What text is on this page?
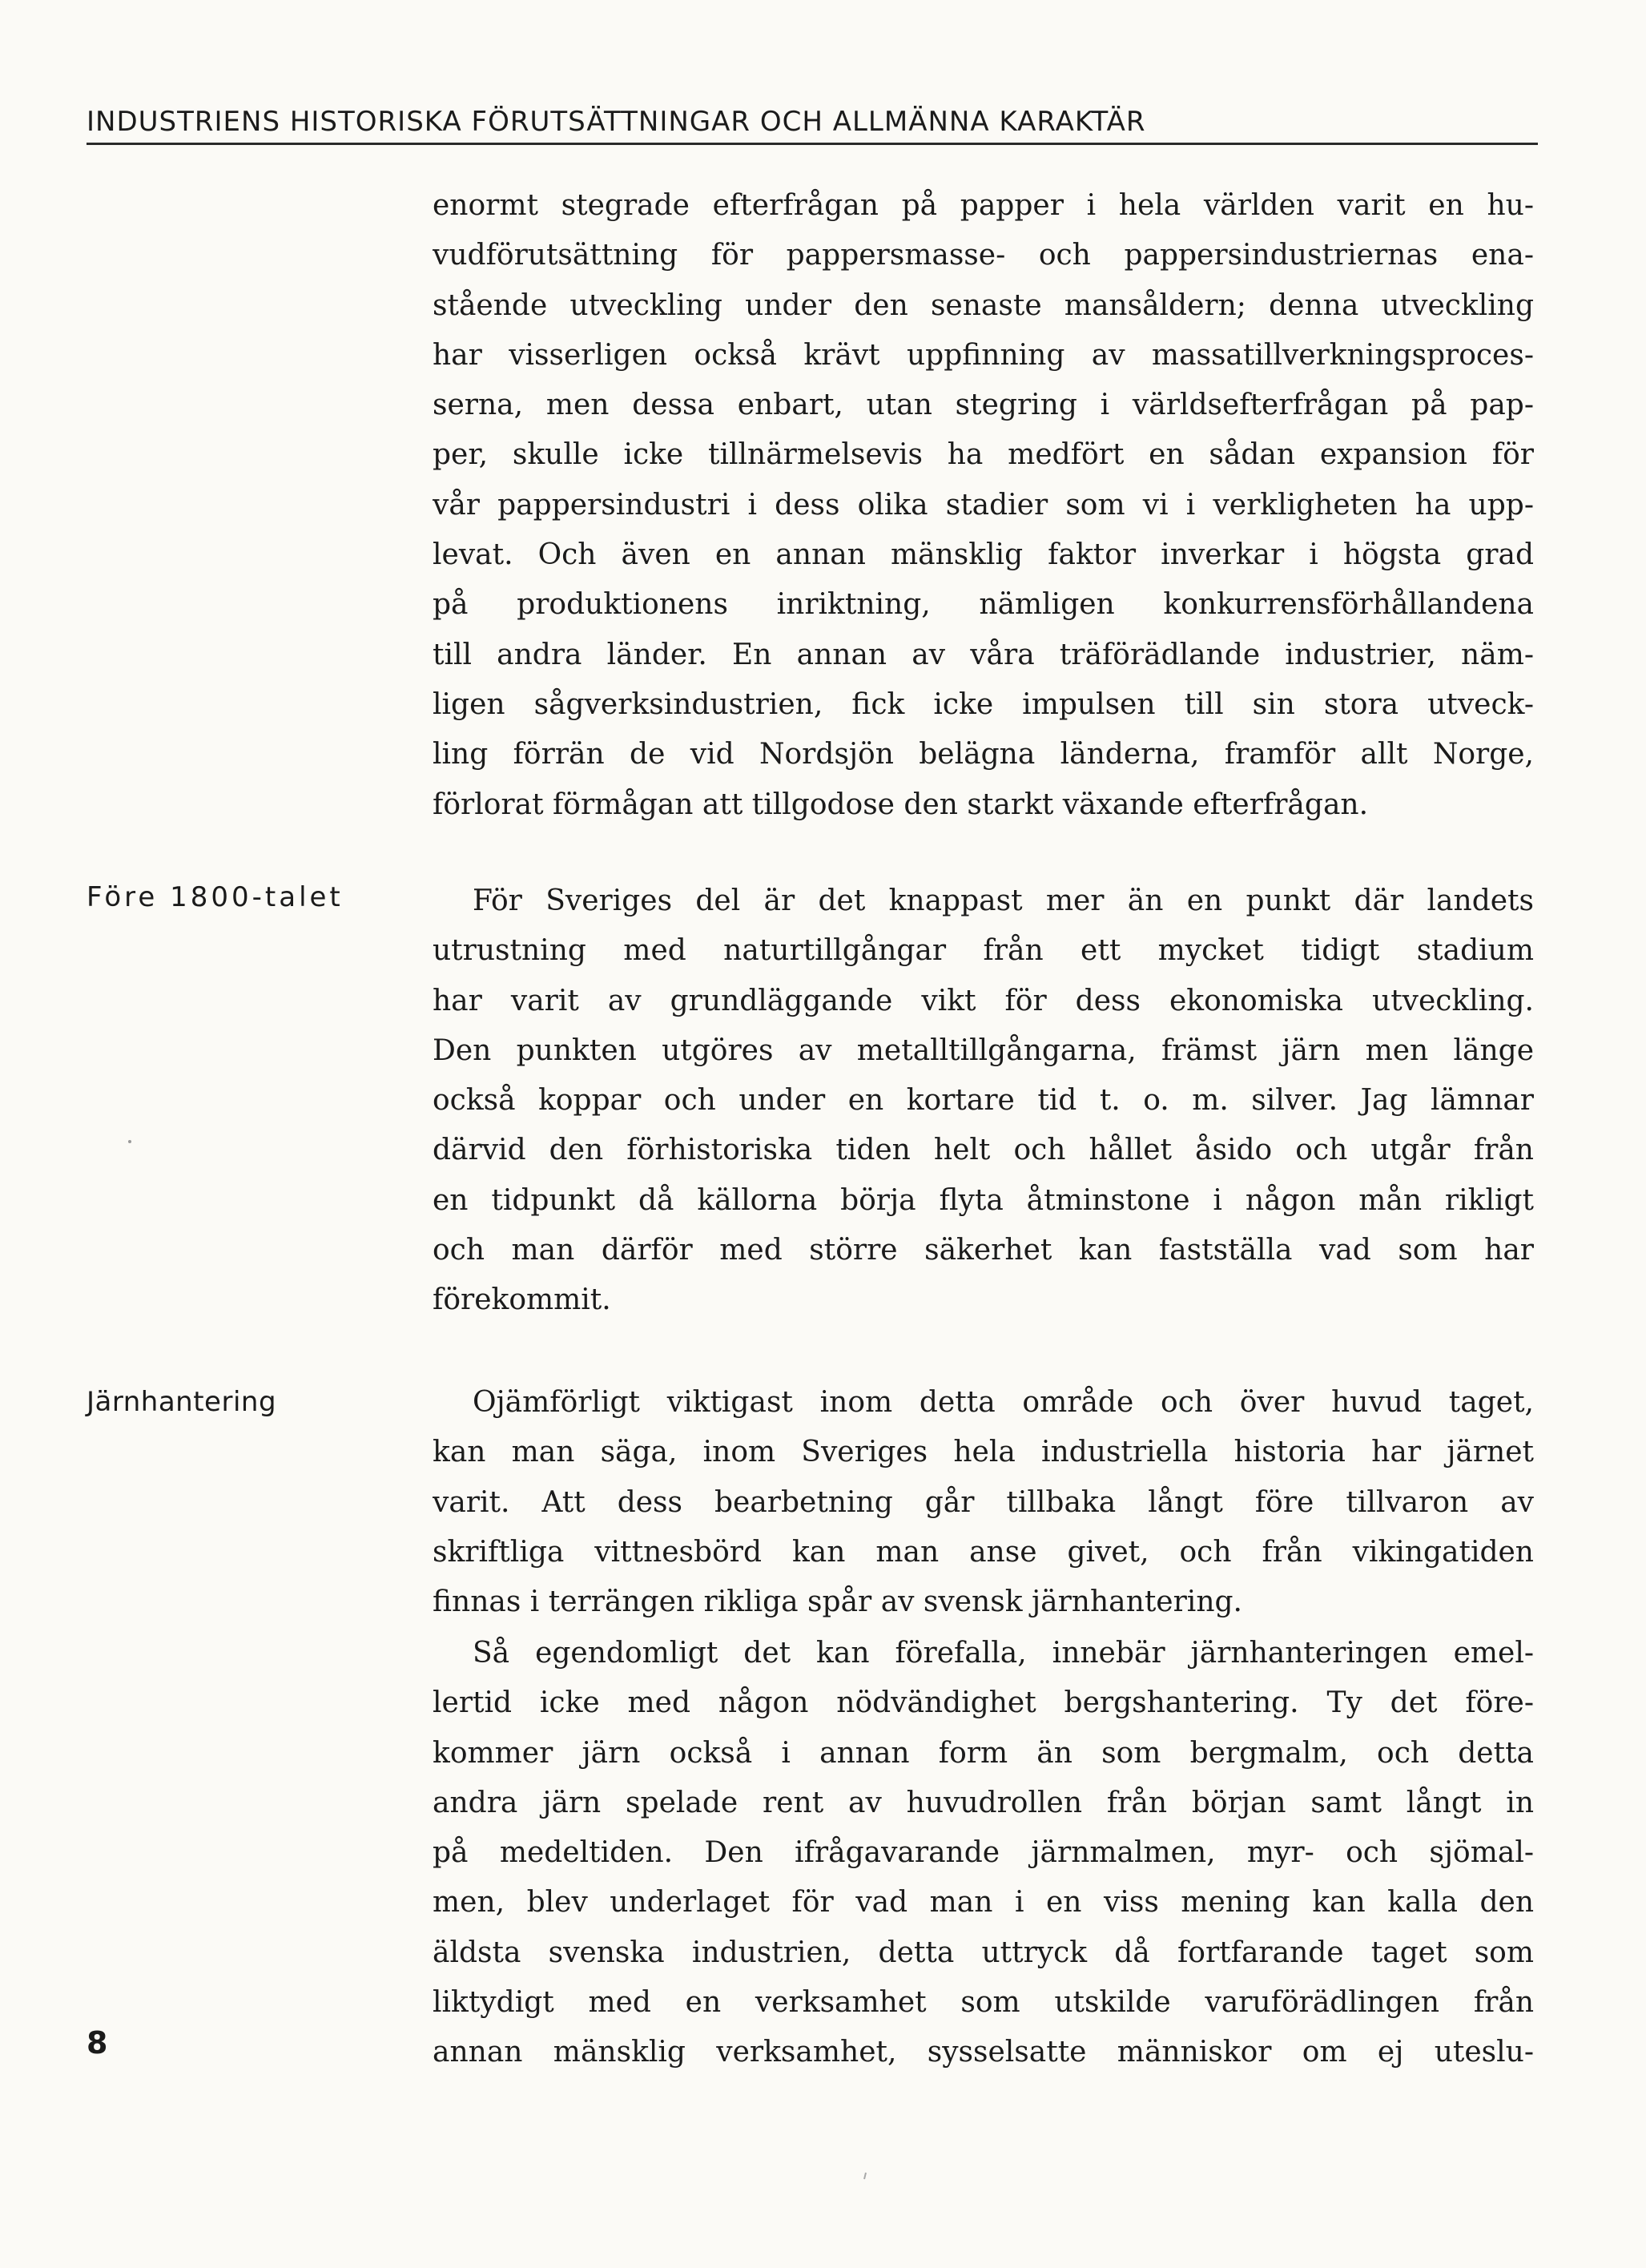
INDUSTRIENS HISTORISKA FÖRUTSÄTTNINGAR OCH ALLMÄNNA KARAKTÄR
enormt stegrade efterfrågan på papper i hela världen varit en hu-
vudförutsättning för pappersmasse- och pappersindustriernas ena-
stående utveckling under den senaste mansåldern; denna utveckling
har visserligen också krävt uppfinning av massatillverkningsproces-
serna, men dessa enbart, utan stegring i världsefterfrågan på pap-
per, skulle icke tillnärmelsevis ha medfört en sådan expansion för
vår pappersindustri i dess olika stadier som vi i verkligheten ha upp-
levat. Och även en annan mänsklig faktor inverkar i högsta grad
på produktionens inriktning, nämligen konkurrensförhållandena
till andra länder. En annan av våra träförädlande industrier, näm-
ligen sågverksindustrien, fick icke impulsen till sin stora utveck-
ling förrän de vid Nordsjön belägna länderna, framför allt Norge,
förlorat förmågan att tillgodose den starkt växande efterfrågan.
Före 1800-talet	För Sveriges del är det knappast mer än en punkt där landets
utrustning med naturtillgångar från ett mycket tidigt stadium
har varit av grundläggande vikt för dess ekonomiska utveckling.
Den punkten utgöres av metalltillgångarna, främst järn men länge
också koppar och under en kortare tid t. o. m. silver. Jag lämnar
därvid den förhistoriska tiden helt och hållet åsido och utgår från
en tidpunkt då källorna börja flyta åtminstone i någon mån rikligt
och man därför med större säkerhet kan fastställa vad som har
förekommit.
Järnhantering	Ojämförligt viktigast inom detta område och över huvud taget,
kan man säga, inom Sveriges hela industriella historia har järnet
varit. Att dess bearbetning går tillbaka långt före tillvaron av
skriftliga vittnesbörd kan man anse givet, och från vikingatiden
finnas i terrängen rikliga spår av svensk järnhantering.
Så egendomligt det kan förefalla, innebär järnhanteringen emel-
lertid icke med någon nödvändighet bergshantering. Ty det före-
kommer järn också i annan form än som bergmalm, och detta
andra järn spelade rent av huvudrollen från början samt långt in
på medeltiden. Den ifrågavarande järnmalmen, myr- och sjömal-
men, blev underlaget för vad man i en viss mening kan kalla den
äldsta svenska industrien, detta uttryck då fortfarande taget som
liktydigt med en verksamhet som utskilde varuförädlingen från
annan mänsklig verksamhet, sysselsatte människor om ej uteslu-
8
